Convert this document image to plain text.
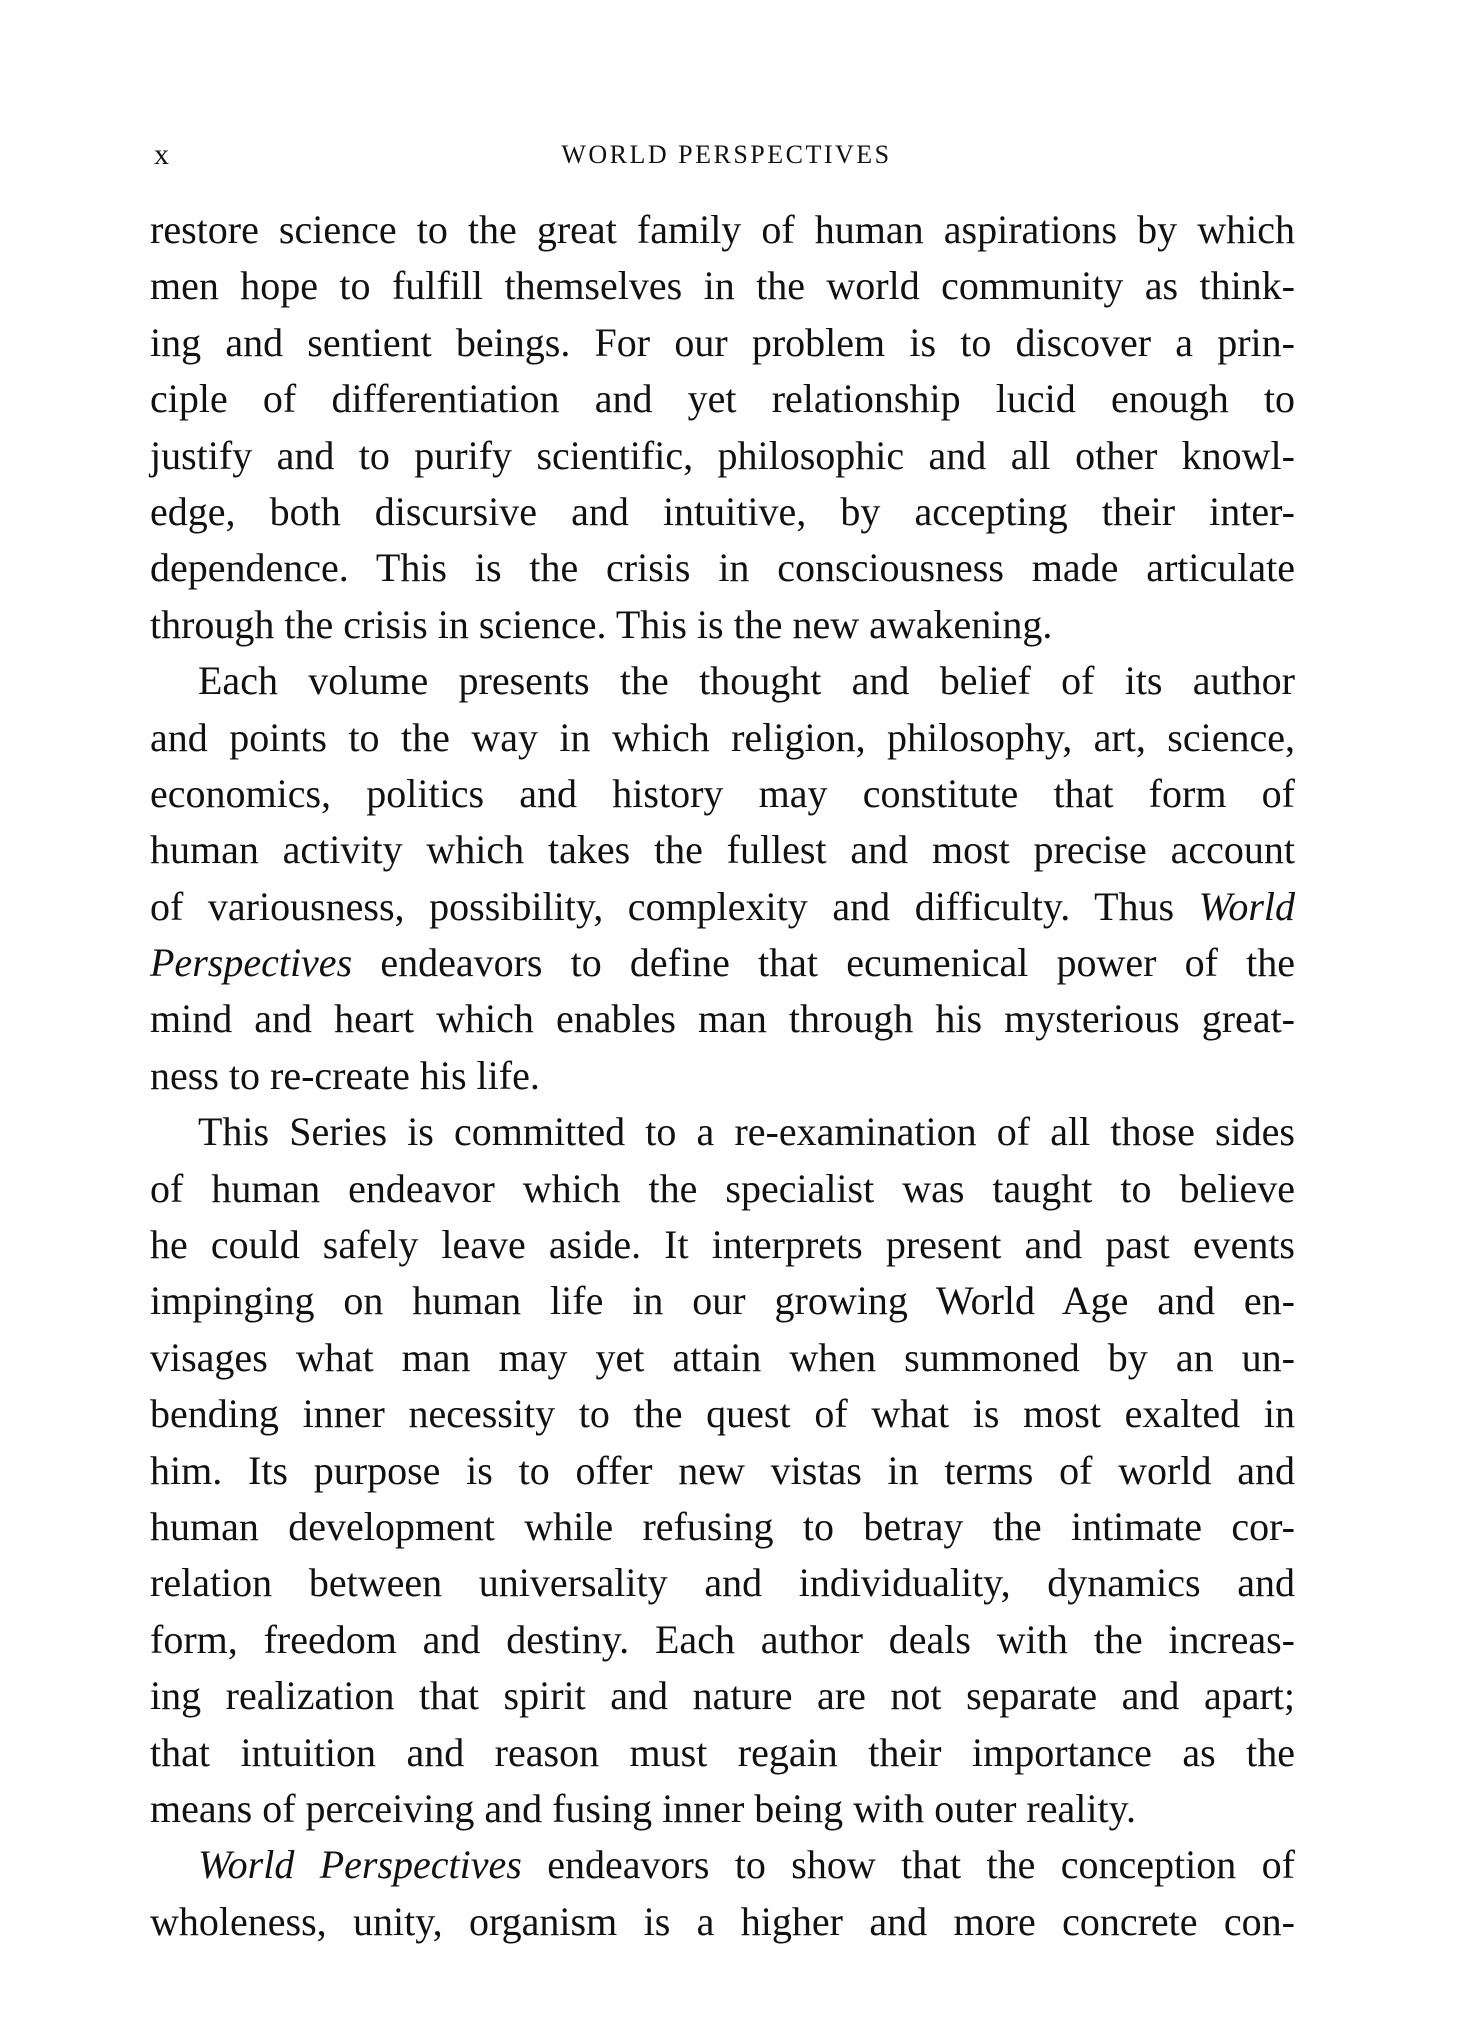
x	WORLD PERSPECTIVES
restore science to the great family of human aspirations by which
men hope to fulfill themselves in the world community as think-
ing and sentient beings. For our problem is to discover a prin-
ciple of differentiation and yet relationship lucid enough to
justify and to purify scientific, philosophic and all other knowl-
edge, both discursive and intuitive, by accepting their inter-
dependence. This is the crisis in consciousness made articulate
through the crisis in science. This is the new awakening.
Each volume presents the thought and belief of its author
and points to the way in which religion, philosophy, art, science,
economics, politics and history may constitute that form of
human activity which takes the fullest and most precise account
of variousness, possibility, complexity and difficulty. Thus World
Perspectives endeavors to define that ecumenical power of the
mind and heart which enables man through his mysterious great-
ness to re-create his life.
This Series is committed to a re-examination of all those sides
of human endeavor which the specialist was taught to believe
he could safely leave aside. It interprets present and past events
impinging on human life in our growing World Age and en-
visages what man may yet attain when summoned by an un-
bending inner necessity to the quest of what is most exalted in
him. Its purpose is to offer new vistas in terms of world and
human development while refusing to betray the intimate cor-
relation between universality and individuality, dynamics and
form, freedom and destiny. Each author deals with the increas-
ing realization that spirit and nature are not separate and apart;
that intuition and reason must regain their importance as the
means of perceiving and fusing inner being with outer reality.
World Perspectives endeavors to show that the conception of
wholeness, unity, organism is a higher and more concrete con-
